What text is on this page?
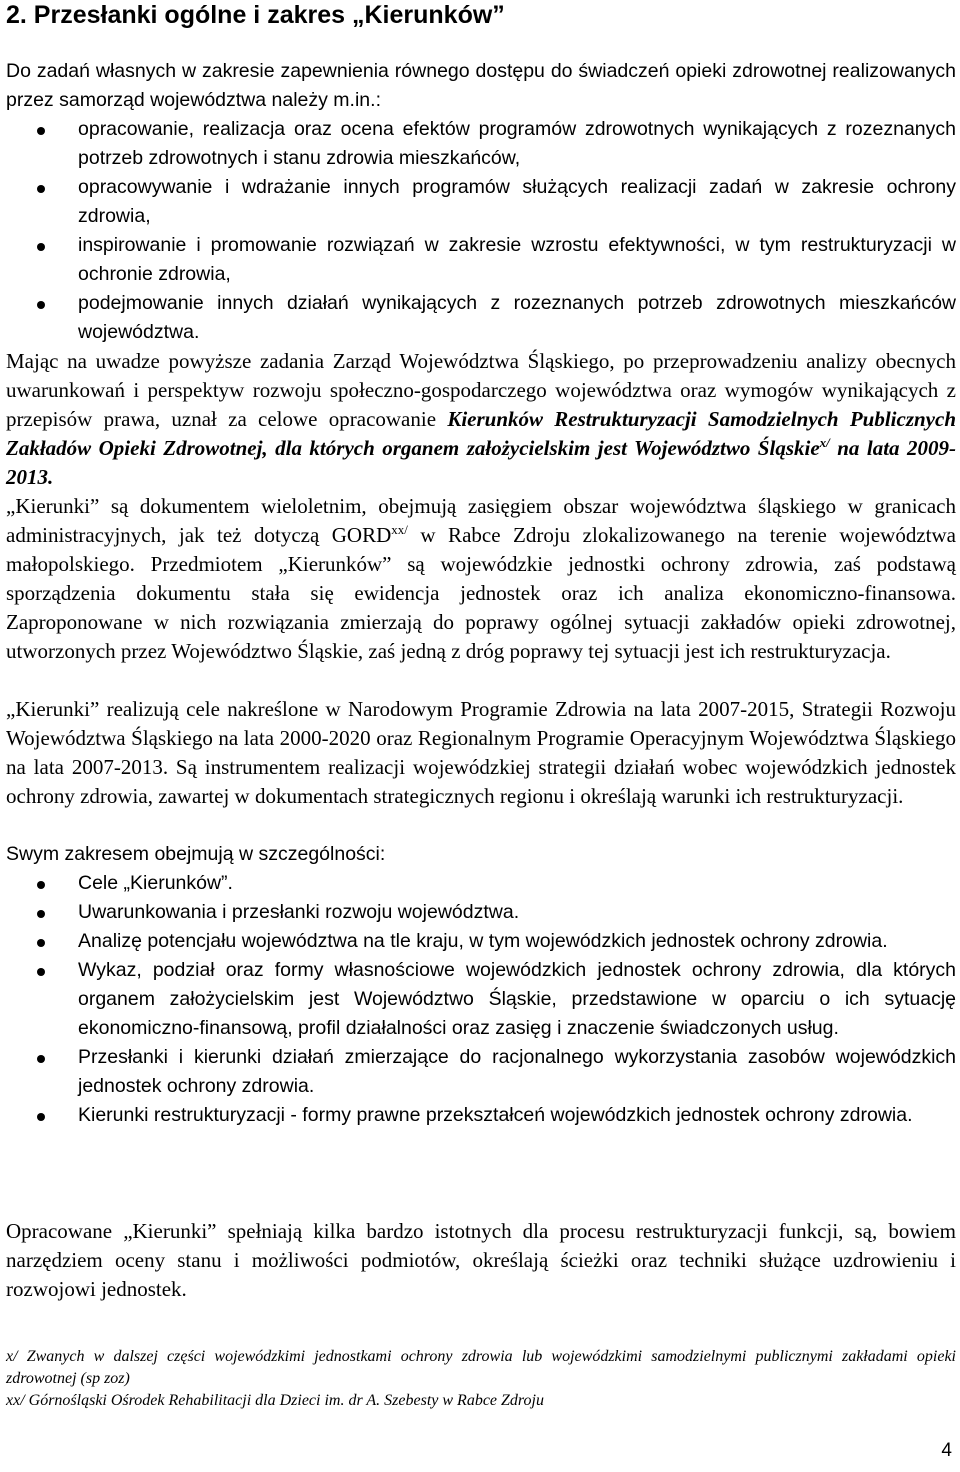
2. Przesłanki ogólne i zakres „Kierunków”

Do zadań własnych w zakresie zapewnienia równego dostępu do świadczeń opieki zdrowotnej realizowanych przez samorząd województwa należy m.in.:

opracowanie, realizacja oraz ocena efektów programów zdrowotnych wynikających z rozeznanych potrzeb zdrowotnych i stanu zdrowia mieszkańców,
opracowywanie i wdrażanie innych programów służących realizacji zadań w zakresie ochrony zdrowia,
inspirowanie i promowanie rozwiązań w zakresie wzrostu efektywności, w tym restrukturyzacji w ochronie zdrowia,
podejmowanie innych działań wynikających z rozeznanych potrzeb zdrowotnych mieszkańców województwa.

Mając na uwadze powyższe zadania Zarząd Województwa Śląskiego, po przeprowadzeniu analizy obecnych uwarunkowań i perspektyw rozwoju społeczno-gospodarczego województwa oraz wymogów wynikających z przepisów prawa, uznał za celowe opracowanie Kierunków Restrukturyzacji Samodzielnych Publicznych Zakładów Opieki Zdrowotnej, dla których organem założycielskim jest Województwo Śląskie$^{x/}$ na lata 2009-2013.

„Kierunki” są dokumentem wieloletnim, obejmują zasięgiem obszar województwa śląskiego w granicach administracyjnych, jak też dotyczą $GORD^{xx/}$ w Rabce Zdroju zlokalizowanego na terenie województwa małopolskiego. Przedmiotem „Kierunków” są wojewódzkie jednostki ochrony zdrowia, zaś podstawą sporządzenia dokumentu stała się ewidencja jednostek oraz ich analiza ekonomiczno-finansowa. Zaproponowane w nich rozwiązania zmierzają do poprawy ogólnej sytuacji zakładów opieki zdrowotnej, utworzonych przez Województwo Śląskie, zaś jedną z dróg poprawy tej sytuacji jest ich restrukturyzacja.

„Kierunki” realizują cele nakreślone w Narodowym Programie Zdrowia na lata 2007-2015, Strategii Rozwoju Województwa Śląskiego na lata 2000-2020 oraz Regionalnym Programie Operacyjnym Województwa Śląskiego na lata 2007-2013. Są instrumentem realizacji wojewódzkiej strategii działań wobec wojewódzkich jednostek ochrony zdrowia, zawartej w dokumentach strategicznych regionu i określają warunki ich restrukturyzacji.

Swym zakresem obejmują w szczególności:

Cele „Kierunków”.
Uwarunkowania i przesłanki rozwoju województwa.
Analizę potencjału województwa na tle kraju, w tym wojewódzkich jednostek ochrony zdrowia.
Wykaz, podział oraz formy własnościowe wojewódzkich jednostek ochrony zdrowia, dla których organem założycielskim jest Województwo Śląskie, przedstawione w oparciu o ich sytuację ekonomiczno-finansową, profil działalności oraz zasięg i znaczenie świadczonych usług.
Przesłanki i kierunki działań zmierzające do racjonalnego wykorzystania zasobów wojewódzkich jednostek ochrony zdrowia.
Kierunki restrukturyzacji - formy prawne przekształceń wojewódzkich jednostek ochrony zdrowia.

Opracowane „Kierunki” spełniają kilka bardzo istotnych dla procesu restrukturyzacji funkcji, są, bowiem narzędziem oceny stanu i możliwości podmiotów, określają ścieżki oraz techniki służące uzdrowieniu i rozwojowi jednostek.

x/ Zwanych w dalszej części wojewódzkimi jednostkami ochrony zdrowia lub wojewódzkimi samodzielnymi publicznymi zakładami opieki zdrowotnej (sp zoz)

xx/ Górnośląski Ośrodek Rehabilitacji dla Dzieci im. dr A. Szebesty w Rabce Zdroju

4
